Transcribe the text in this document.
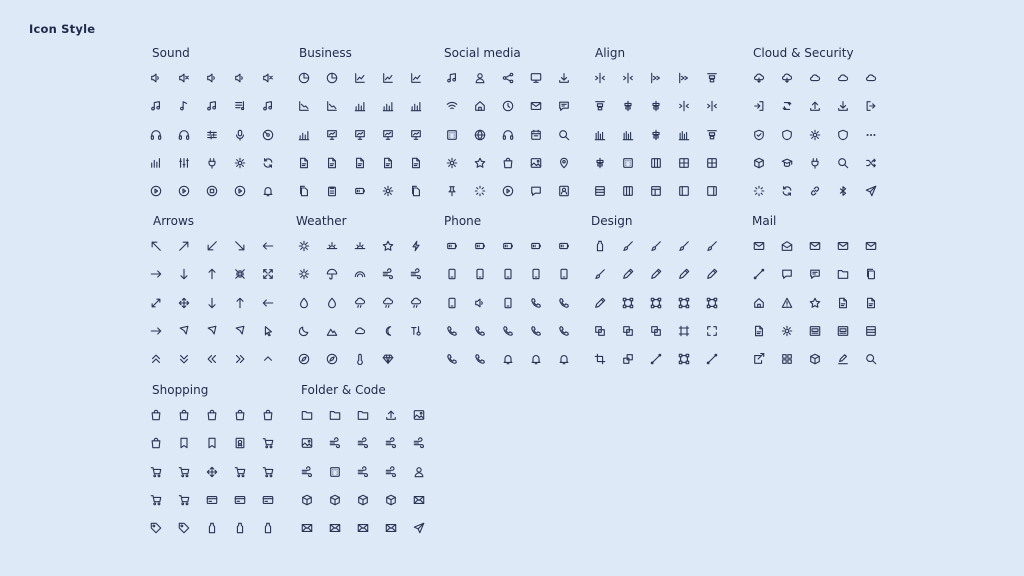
Icon Style
Sound	Business	Social media	Align	Cloud & Security
Arrows	Weather	Phone	Design	Mail
Shopping	Folder & Code
